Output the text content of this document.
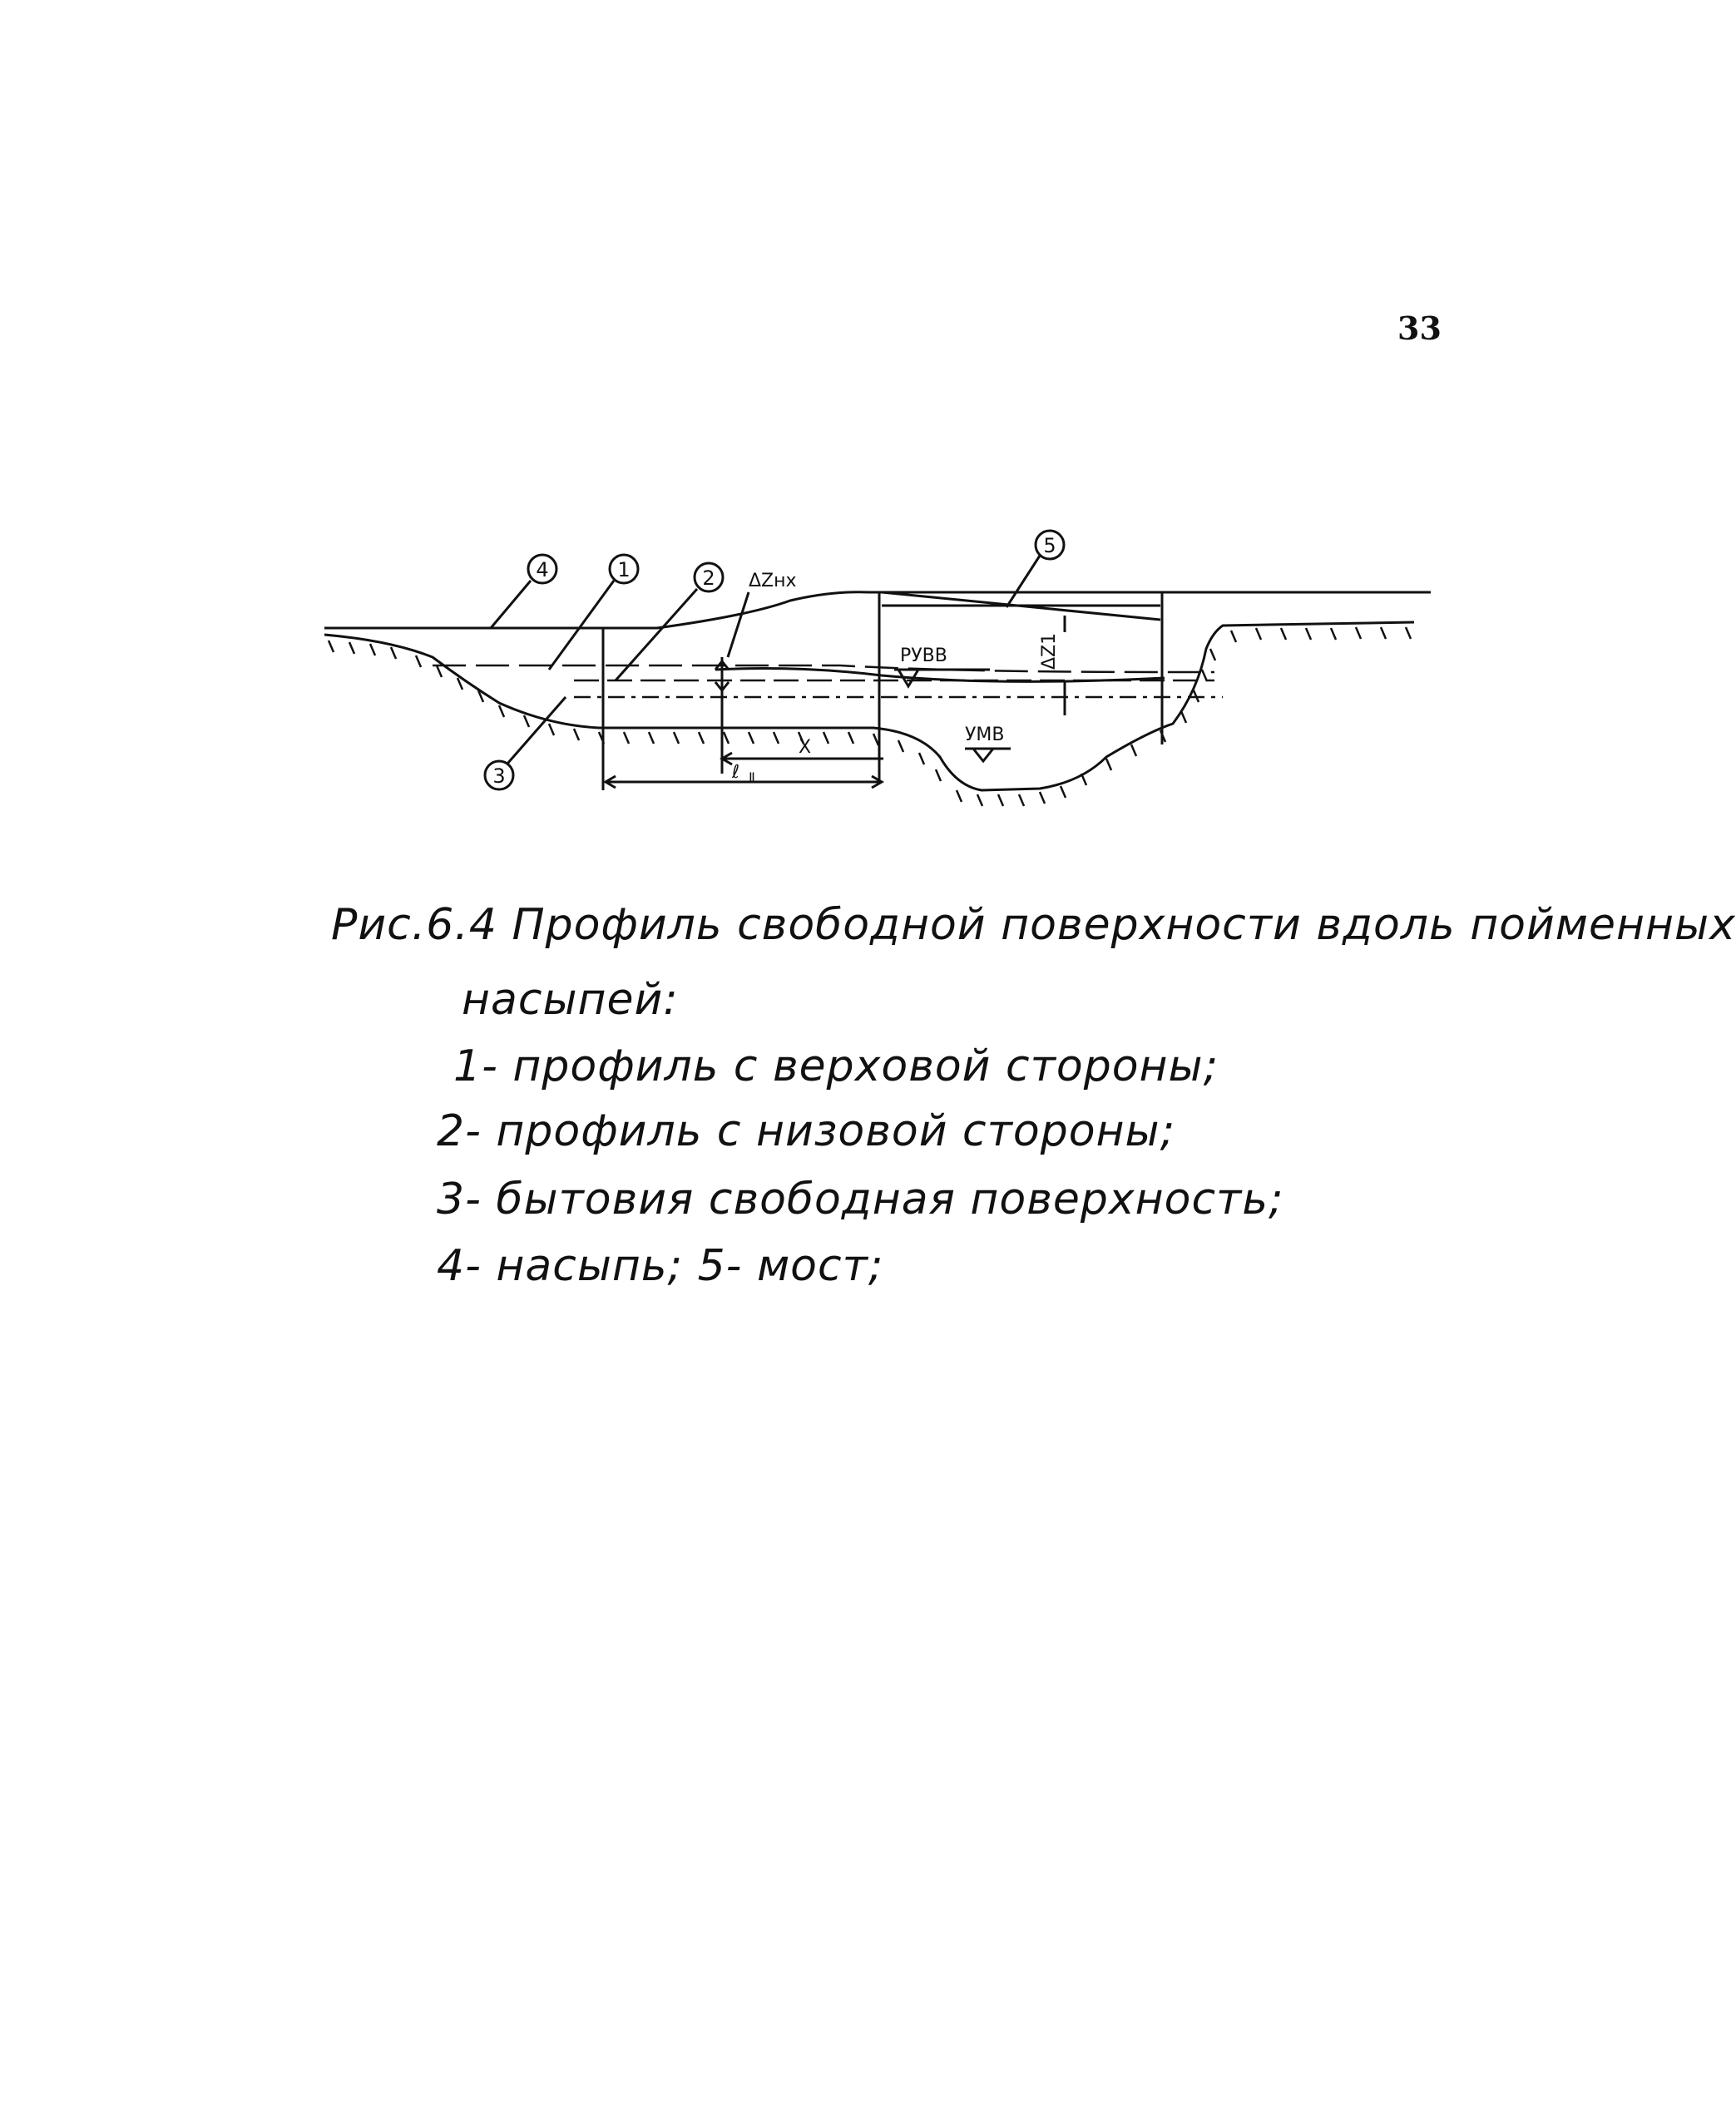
33
4	1	2
3
5
ΔZнх
РУВВ
УМВ
X
ℓ Ⅱ
ΔZ1
Рис.6.4 Профиль свободной поверхности вдоль пойменных
насыпей:
1- профиль с верховой стороны;
2- профиль с низовой стороны;
3- бытовия свободная поверхность;
4- насыпь; 5- мост;
